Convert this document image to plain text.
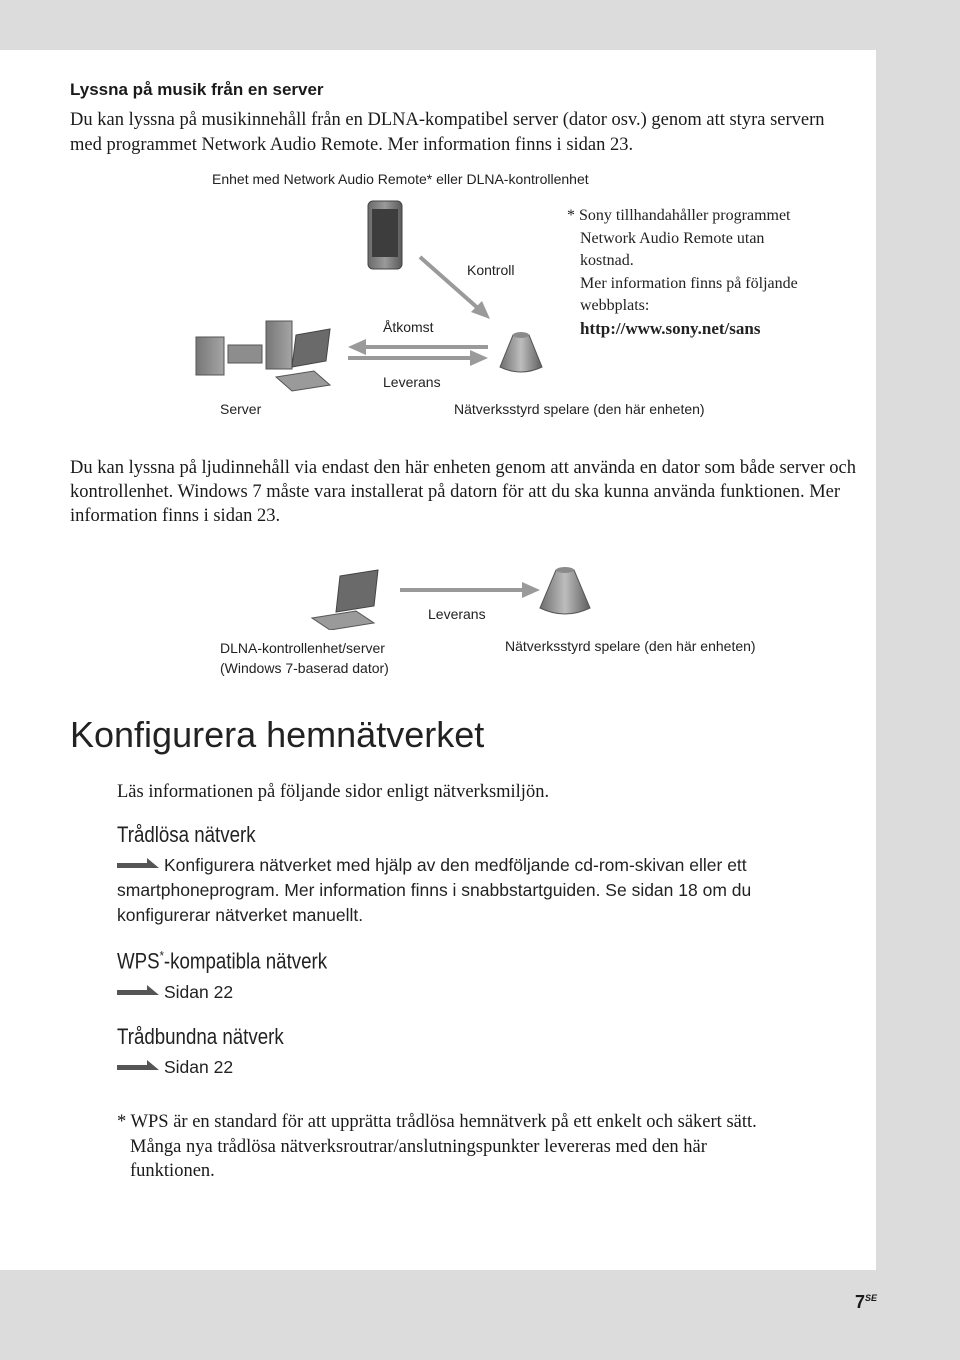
Lyssna på musik från en server
Du kan lyssna på musikinnehåll från en DLNA-kompatibel server (dator osv.) genom att styra servern med programmet Network Audio Remote. Mer information finns i sidan 23.
Enhet med Network Audio Remote* eller DLNA-kontrollenhet
Kontroll
Åtkomst
Leverans
Server	Nätverksstyrd spelare (den här enheten)
* Sony tillhandahåller programmet
Network Audio Remote utan
kostnad.
Mer information finns på följande
webbplats:
http://www.sony.net/sans
Du kan lyssna på ljudinnehåll via endast den här enheten genom att använda en dator som både server och kontrollenhet. Windows 7 måste vara installerat på datorn för att du ska kunna använda funktionen. Mer information finns i sidan 23.
Leverans
DLNA-kontrollenhet/server
(Windows 7-baserad dator)
Nätverksstyrd spelare (den här enheten)
Konfigurera hemnätverket
Läs informationen på följande sidor enligt nätverksmiljön.
Trådlösa nätverk
Konfigurera nätverket med hjälp av den medföljande cd-rom-skivan eller ett
smartphoneprogram. Mer information finns i snabbstartguiden. Se sidan 18 om du
konfigurerar nätverket manuellt.
WPS*-kompatibla nätverk
Sidan 22
Trådbundna nätverk
Sidan 22
* WPS är en standard för att upprätta trådlösa hemnätverk på ett enkelt och säkert sätt.
Många nya trådlösa nätverksroutrar/anslutningspunkter levereras med den här
funktionen.
$7^{SE}$
